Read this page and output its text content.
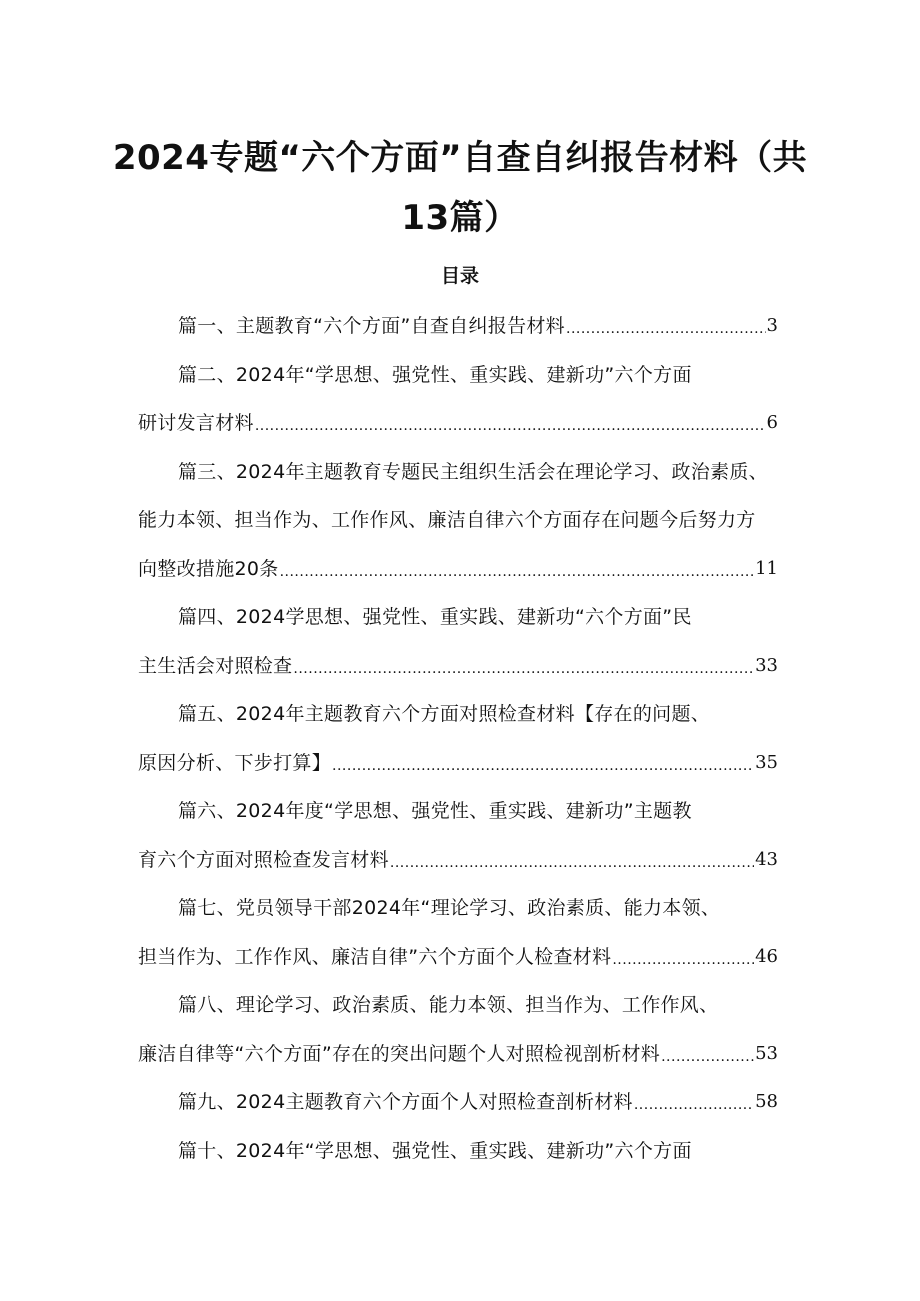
2024专题“六个方面”自查自纠报告材料（共
13篇）
目录
篇一、主题教育“六个方面”自查自纠报告材料 .....	3
篇二、2024年“学思想、强党性、重实践、建新功”六个方面
研讨发言材料 .....	6
篇三、2024年主题教育专题民主组织生活会在理论学习、政治素质、
能力本领、担当作为、工作作风、廉洁自律六个方面存在问题今后努力方
向整改措施20条 .....	11
篇四、2024学思想、强党性、重实践、建新功“六个方面”民
主生活会对照检查 .....	33
篇五、2024年主题教育六个方面对照检查材料【存在的问题、
原因分析、下步打算】 .....	35
篇六、2024年度“学思想、强党性、重实践、建新功”主题教
育六个方面对照检查发言材料 .....	43
篇七、党员领导干部2024年“理论学习、政治素质、能力本领、
担当作为、工作作风、廉洁自律”六个方面个人检查材料 .....	46
篇八、理论学习、政治素质、能力本领、担当作为、工作作风、
廉洁自律等“六个方面”存在的突出问题个人对照检视剖析材料 .....	53
篇九、2024主题教育六个方面个人对照检查剖析材料 .....	58
篇十、2024年“学思想、强党性、重实践、建新功”六个方面
